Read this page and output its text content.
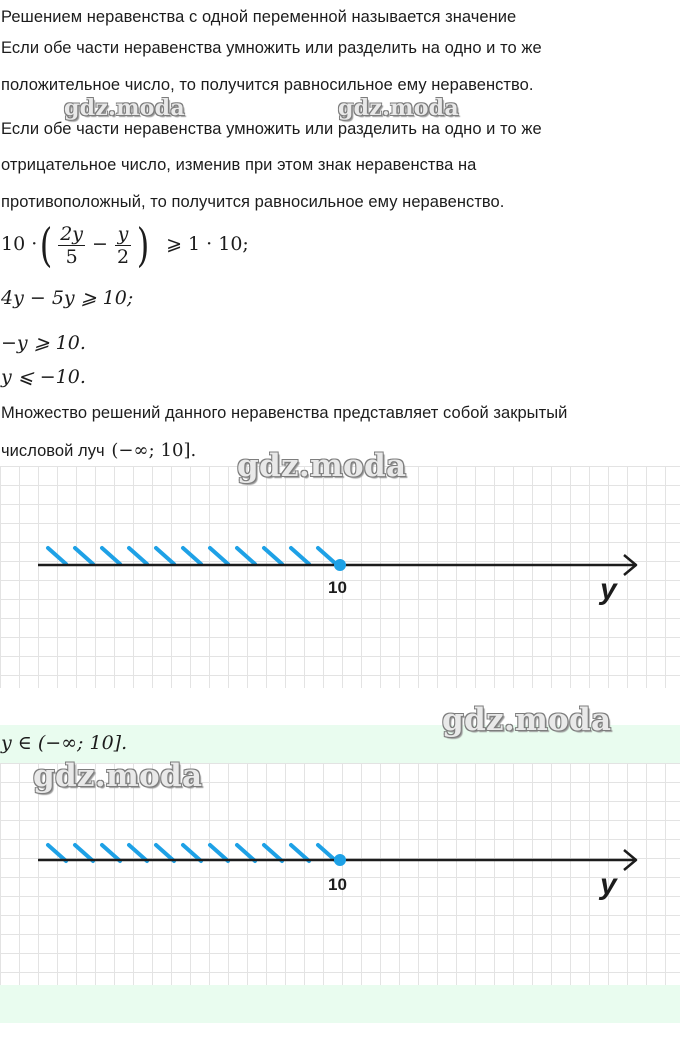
Решением неравенства с одной переменной называется значение
Если обе части неравенства умножить или разделить на одно и то же
положительное число, то получится равносильное ему неравенство.
gdz.moda	gdz.moda
Если обе части неравенства умножить или разделить на одно и то же
отрицательное число, изменив при этом знак неравенства на
противоположный, то получится равносильное ему неравенство.
10 ·( $\frac{2y}{5} - \frac{y}{2}$ ) ⩾ 1 · 10;
4y − 5y ⩾ 10;
−y ⩾ 10.
y ⩽ −10.
Множество решений данного неравенства представляет собой закрытый
числовой луч (−∞; 10]. gdz.moda
10	y
gdz.moda
y ∈ (−∞; 10].
gdz.moda
10	y
